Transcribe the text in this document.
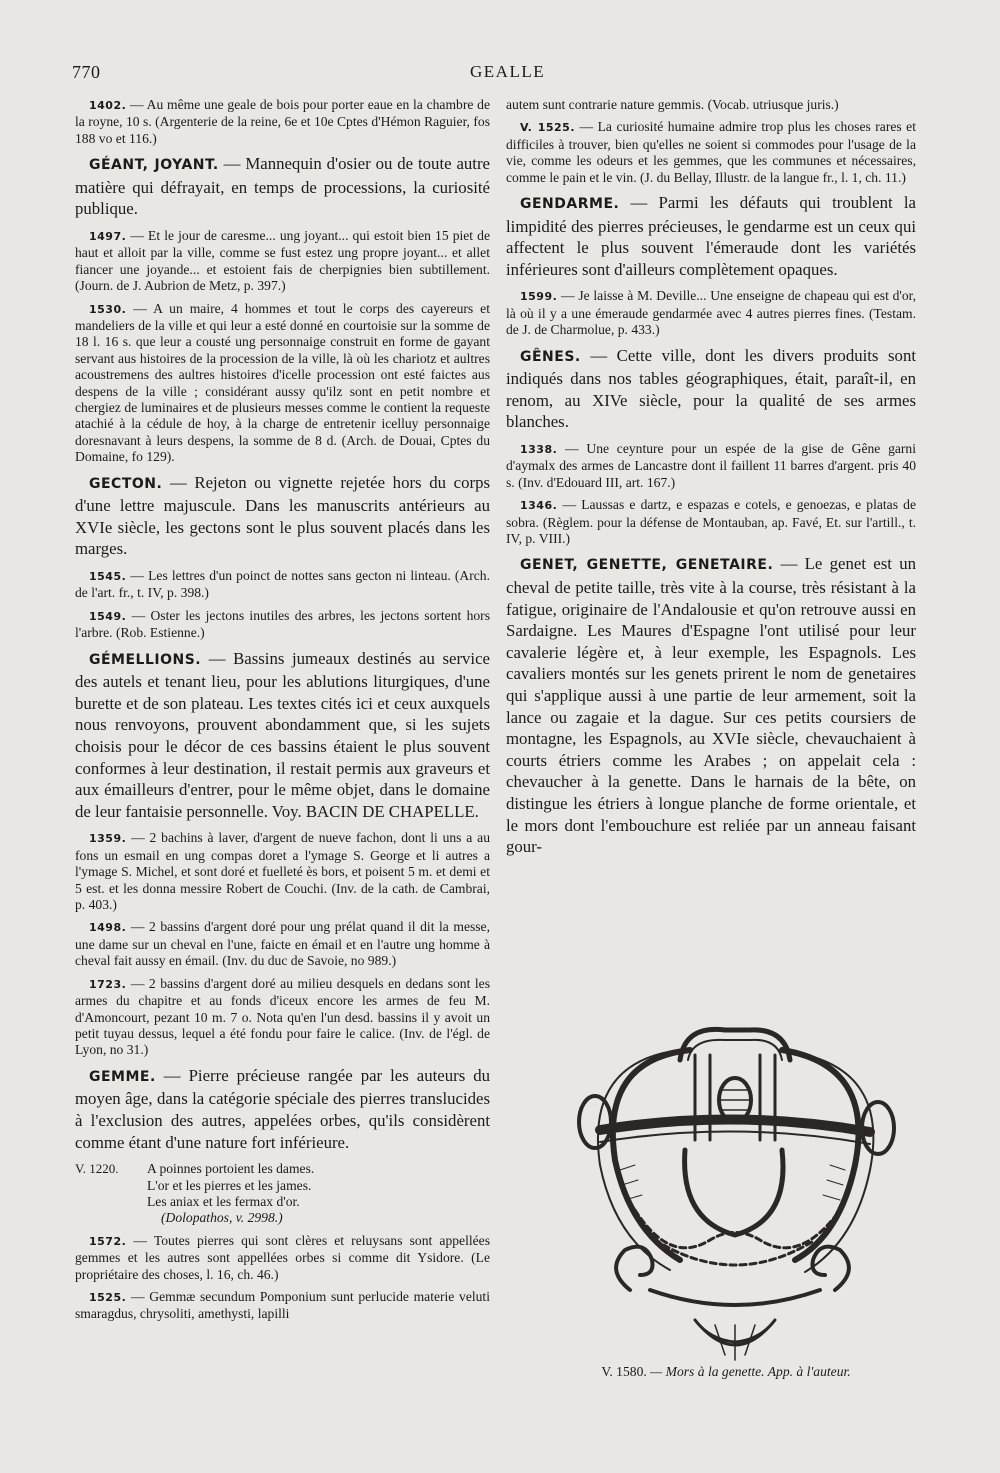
770	GEALLE

1402. — Au même une geale de bois pour porter eaue en la chambre de la royne, 10 s. (Argenterie de la reine, 6e et 10e Cptes d'Hémon Raguier, fos 188 vo et 116.)

GÉANT, JOYANT. — Mannequin d'osier ou de toute autre matière qui défrayait, en temps de processions, la curiosité publique.

1497. — Et le jour de caresme... ung joyant... qui estoit bien 15 piet de haut et alloit par la ville, comme se fust estez ung propre joyant... et allet fiancer une joyande... et estoient fais de cherpignies bien subtillement. (Journ. de J. Aubrion de Metz, p. 397.)

1530. — A un maire, 4 hommes et tout le corps des cayereurs et mandeliers de la ville et qui leur a esté donné en courtoisie sur la somme de 18 l. 16 s. que leur a cousté ung personnaige construit en forme de gayant servant aus histoires de la procession de la ville, là où les chariotz et aultres acoustremens des aultres histoires d'icelle procession ont esté faictes aus despens de la ville ; considérant aussy qu'ilz sont en petit nombre et chergiez de luminaires et de plusieurs messes comme le contient la requeste atachié à la cédule de hoy, à la charge de entretenir icelluy personnaige doresnavant à leurs despens, la somme de 8 d. (Arch. de Douai, Cptes du Domaine, fo 129).

GECTON. — Rejeton ou vignette rejetée hors du corps d'une lettre majuscule. Dans les manuscrits antérieurs au XVIe siècle, les gectons sont le plus souvent placés dans les marges.

1545. — Les lettres d'un poinct de nottes sans gecton ni linteau. (Arch. de l'art. fr., t. IV, p. 398.)

1549. — Oster les jectons inutiles des arbres, les jectons sortent hors l'arbre. (Rob. Estienne.)

GÉMELLIONS. — Bassins jumeaux destinés au service des autels et tenant lieu, pour les ablutions liturgiques, d'une burette et de son plateau. Les textes cités ici et ceux auxquels nous renvoyons, prouvent abondamment que, si les sujets choisis pour le décor de ces bassins étaient le plus souvent conformes à leur destination, il restait permis aux graveurs et aux émailleurs d'entrer, pour le même objet, dans le domaine de leur fantaisie personnelle. Voy. BACIN DE CHAPELLE.

1359. — 2 bachins à laver, d'argent de nueve fachon, dont li uns a au fons un esmail en ung compas doret a l'ymage S. George et li autres a l'ymage S. Michel, et sont doré et fuelleté ès bors, et poisent 5 m. et demi et 5 est. et les donna messire Robert de Couchi. (Inv. de la cath. de Cambrai, p. 403.)

1498. — 2 bassins d'argent doré pour ung prélat quand il dit la messe, une dame sur un cheval en l'une, faicte en émail et en l'autre ung homme à cheval fait aussy en émail. (Inv. du duc de Savoie, no 989.)

1723. — 2 bassins d'argent doré au milieu desquels en dedans sont les armes du chapitre et au fonds d'iceux encore les armes de feu M. d'Amoncourt, pezant 10 m. 7 o. Nota qu'en l'un desd. bassins il y avoit un petit tuyau dessus, lequel a été fondu pour faire le calice. (Inv. de l'égl. de Lyon, no 31.)

GEMME. — Pierre précieuse rangée par les auteurs du moyen âge, dans la catégorie spéciale des pierres translucides à l'exclusion des autres, appelées orbes, qu'ils considèrent comme étant d'une nature fort inférieure.

V. 1220.	A poinnes portoient les dames.
L'or et les pierres et les james.
Les aniax et les fermax d'or.
(Dolopathos, v. 2998.)

1572. — Toutes pierres qui sont clères et reluysans sont appellées gemmes et les autres sont appellées orbes si comme dit Ysidore. (Le propriétaire des choses, l. 16, ch. 46.)

1525. — Gemmæ secundum Pomponium sunt perlucide materie veluti smaragdus, chrysoliti, amethysti, lapilli

autem sunt contrarie nature gemmis. (Vocab. utriusque juris.)

V. 1525. — La curiosité humaine admire trop plus les choses rares et difficiles à trouver, bien qu'elles ne soient si commodes pour l'usage de la vie, comme les odeurs et les gemmes, que les communes et nécessaires, comme le pain et le vin. (J. du Bellay, Illustr. de la langue fr., l. 1, ch. 11.)

GENDARME. — Parmi les défauts qui troublent la limpidité des pierres précieuses, le gendarme est un ceux qui affectent le plus souvent l'émeraude dont les variétés inférieures sont d'ailleurs complètement opaques.

1599. — Je laisse à M. Deville... Une enseigne de chapeau qui est d'or, là où il y a une émeraude gendarmée avec 4 autres pierres fines. (Testam. de J. de Charmolue, p. 433.)

GÊNES. — Cette ville, dont les divers produits sont indiqués dans nos tables géographiques, était, paraît-il, en renom, au XIVe siècle, pour la qualité de ses armes blanches.

1338. — Une ceynture pour un espée de la gise de Gêne garni d'aymalx des armes de Lancastre dont il faillent 11 barres d'argent. pris 40 s. (Inv. d'Edouard III, art. 167.)

1346. — Laussas e dartz, e espazas e cotels, e genoezas, e platas de sobra. (Règlem. pour la défense de Montauban, ap. Favé, Et. sur l'artill., t. IV, p. VIII.)

GENET, GENETTE, GENETAIRE. — Le genet est un cheval de petite taille, très vite à la course, très résistant à la fatigue, originaire de l'Andalousie et qu'on retrouve aussi en Sardaigne. Les Maures d'Espagne l'ont utilisé pour leur cavalerie légère et, à leur exemple, les Espagnols. Les cavaliers montés sur les genets prirent le nom de genetaires qui s'applique aussi à une partie de leur armement, soit la lance ou zagaie et la dague. Sur ces petits coursiers de montagne, les Espagnols, au XVIe siècle, chevauchaient à courts étriers comme les Arabes ; on appelait cela : chevaucher à la genette. Dans le harnais de la bête, on distingue les étriers à longue planche de forme orientale, et le mors dont l'embouchure est reliée par un anneau faisant gour-

V. 1580. — Mors à la genette. App. à l'auteur.
